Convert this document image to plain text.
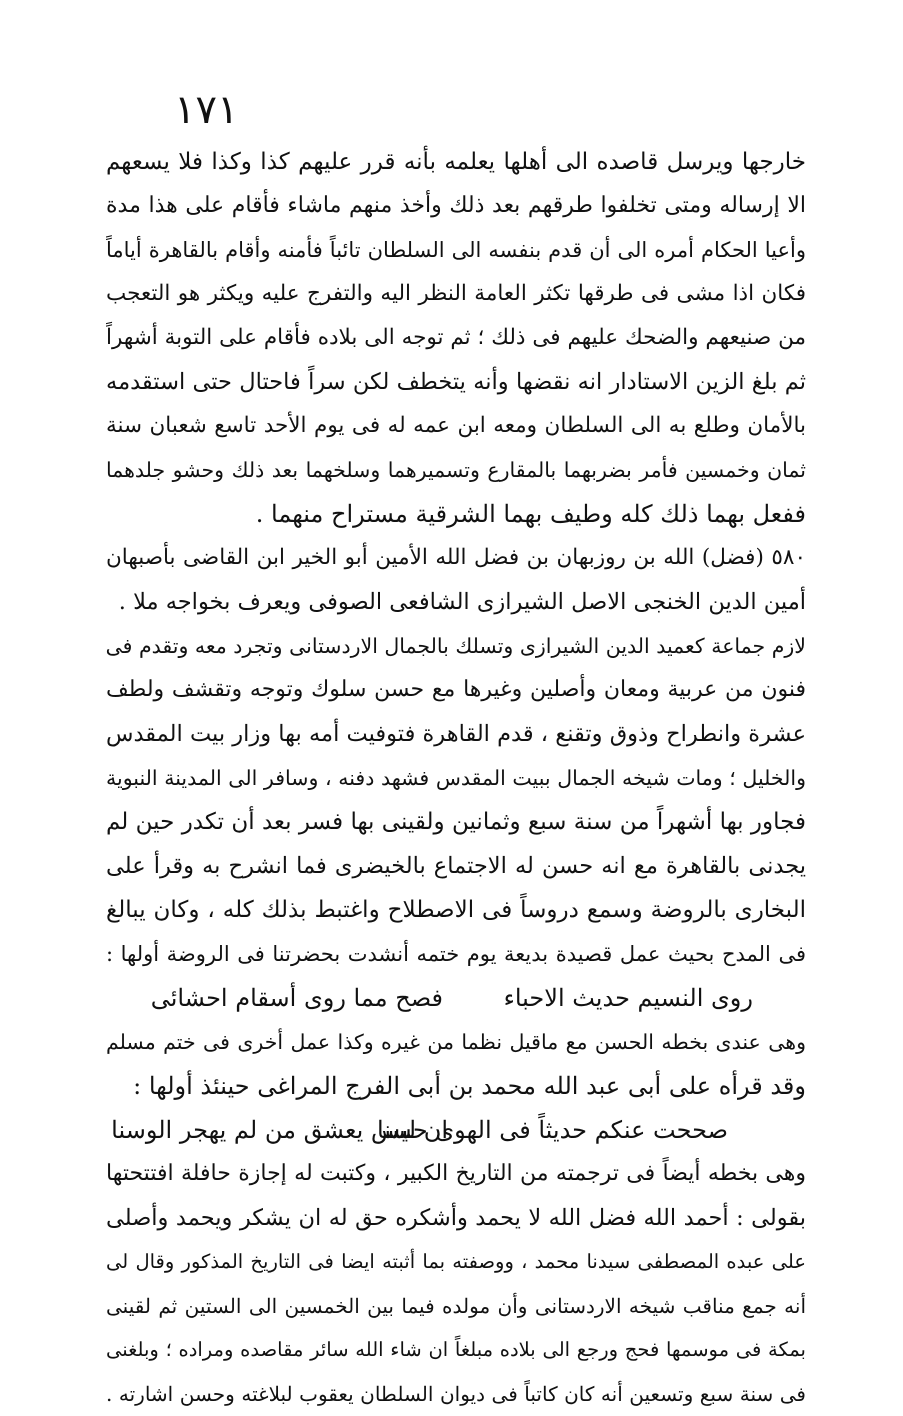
١٧١
خارجها ويرسل قاصده الى أهلها يعلمه بأنه قرر عليهم كذا وكذا فلا يسعهم
الا إرساله ومتى تخلفوا طرقهم بعد ذلك وأخذ منهم ماشاء فأقام على هذا مدة
وأعيا الحكام أمره الى أن قدم بنفسه الى السلطان تائباً فأمنه وأقام بالقاهرة أياماً
فكان اذا مشى فى طرقها تكثر العامة النظر اليه والتفرج عليه ويكثر هو التعجب
من صنيعهم والضحك عليهم فى ذلك ؛ ثم توجه الى بلاده فأقام على التوبة أشهراً
ثم بلغ الزين الاستادار انه نقضها وأنه يتخطف لكن سراً فاحتال حتى استقدمه
بالأمان وطلع به الى السلطان ومعه ابن عمه له فى يوم الأحد تاسع شعبان سنة
ثمان وخمسين فأمر بضربهما بالمقارع وتسميرهما وسلخهما بعد ذلك وحشو جلدهما
ففعل بهما ذلك كله وطيف بهما الشرقية مستراح منهما .
٥٨٠ (فضل) الله بن روزبهان بن فضل الله الأمين أبو الخير ابن القاضى بأصبهان
أمين الدين الخنجى الاصل الشيرازى الشافعى الصوفى ويعرف بخواجه ملا .
لازم جماعة كعميد الدين الشيرازى وتسلك بالجمال الاردستانى وتجرد معه وتقدم فى
فنون من عربية ومعان وأصلين وغيرها مع حسن سلوك وتوجه وتقشف ولطف
عشرة وانطراح وذوق وتقنع ، قدم القاهرة فتوفيت أمه بها وزار بيت المقدس
والخليل ؛ ومات شيخه الجمال ببيت المقدس فشهد دفنه ، وسافر الى المدينة النبوية
فجاور بها أشهراً من سنة سبع وثمانين ولقينى بها فسر بعد أن تكدر حين لم
يجدنى بالقاهرة مع انه حسن له الاجتماع بالخيضرى فما انشرح به وقرأ على
البخارى بالروضة وسمع دروساً فى الاصطلاح واغتبط بذلك كله ، وكان يبالغ
فى المدح بحيث عمل قصيدة بديعة يوم ختمه أنشدت بحضرتنا فى الروضة أولها :
روى النسيم حديث الاحباء
فصح مما روى أسقام احشائى
وهى عندى بخطه الحسن مع ماقيل نظما من غيره وكذا عمل أخرى فى ختم مسلم
وقد قرأه على أبى عبد الله محمد بن أبى الفرج المراغى حينئذ أولها :
صححت عنكم حديثاً فى الهوى حسنا
ان ليس يعشق من لم يهجر الوسنا
وهى بخطه أيضاً فى ترجمته من التاريخ الكبير ، وكتبت له إجازة حافلة افتتحتها
بقولى : أحمد الله فضل الله لا يحمد وأشكره حق له ان يشكر ويحمد وأصلى
على عبده المصطفى سيدنا محمد ، ووصفته بما أثبته ايضا فى التاريخ المذكور وقال لى
أنه جمع مناقب شيخه الاردستانى وأن مولده فيما بين الخمسين الى الستين ثم لقينى
بمكة فى موسمها فحج ورجع الى بلاده مبلغاً ان شاء الله سائر مقاصده ومراده ؛ وبلغنى
فى سنة سبع وتسعين أنه كان كاتباً فى ديوان السلطان يعقوب لبلاغته وحسن اشارته .
